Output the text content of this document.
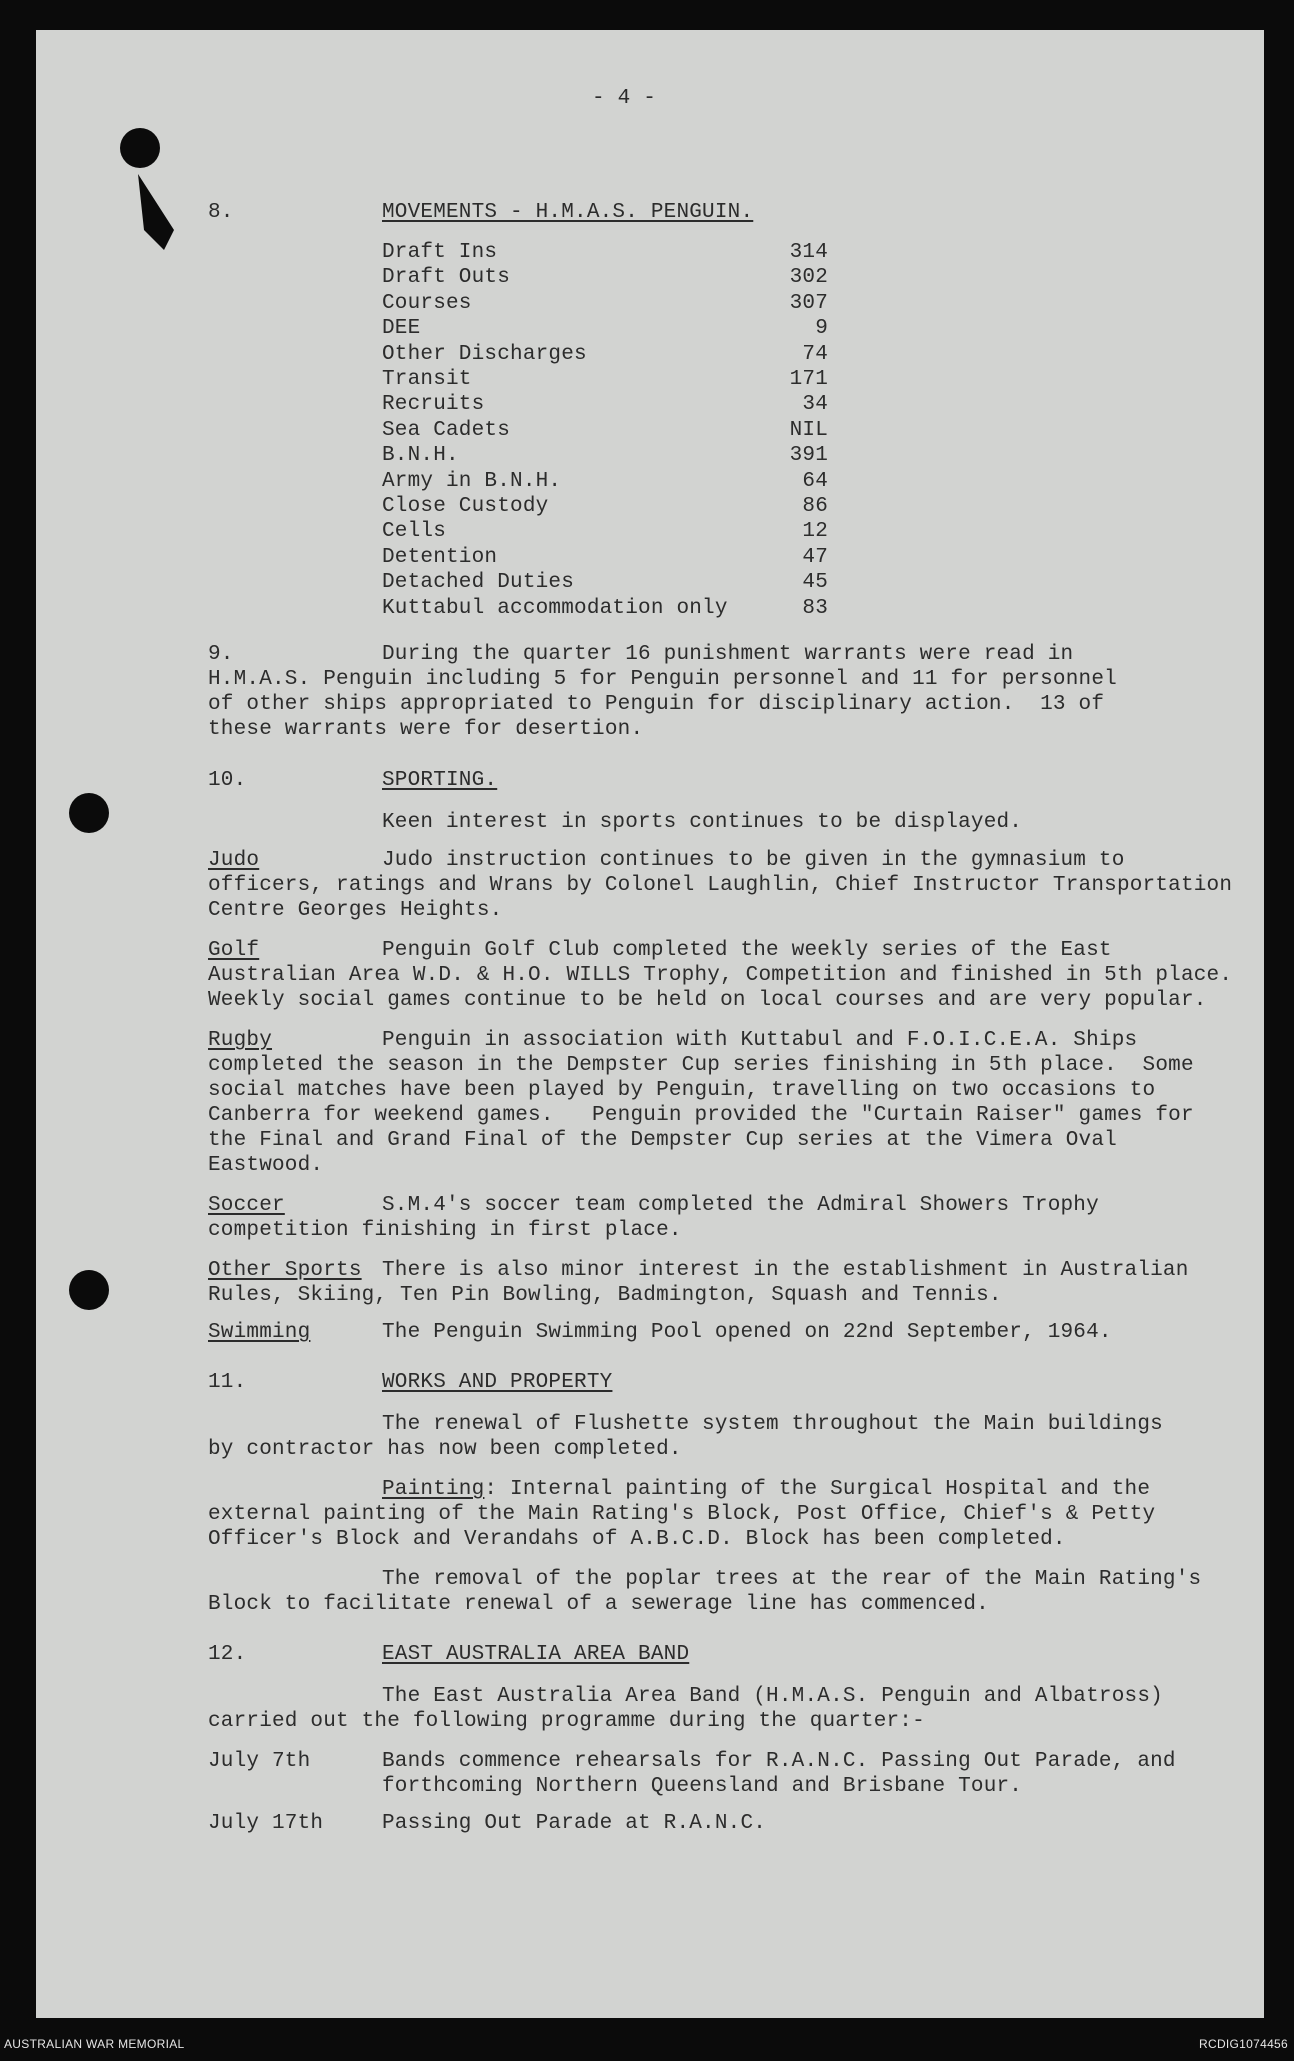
- 4 -
8.	MOVEMENTS - H.M.A.S. PENGUIN.
9.	During the quarter 16 punishment warrants were read in
H.M.A.S. Penguin including 5 for Penguin personnel and 11 for personnel
of other ships appropriated to Penguin for disciplinary action.  13 of
these warrants were for desertion.
10.	SPORTING.
Keen interest in sports continues to be displayed.
Judo	Judo instruction continues to be given in the gymnasium to
officers, ratings and Wrans by Colonel Laughlin, Chief Instructor Transportation
Centre Georges Heights.
Golf	Penguin Golf Club completed the weekly series of the East
Australian Area W.D. & H.O. WILLS Trophy, Competition and finished in 5th place.
Weekly social games continue to be held on local courses and are very popular.
Rugby	Penguin in association with Kuttabul and F.O.I.C.E.A. Ships
completed the season in the Dempster Cup series finishing in 5th place.  Some
social matches have been played by Penguin, travelling on two occasions to
Canberra for weekend games.   Penguin provided the "Curtain Raiser" games for
the Final and Grand Final of the Dempster Cup series at the Vimera Oval
Eastwood.
Soccer	S.M.4's soccer team completed the Admiral Showers Trophy
competition finishing in first place.
Other Sports There is also minor interest in the establishment in Australian
Rules, Skiing, Ten Pin Bowling, Badmington, Squash and Tennis.
Swimming	The Penguin Swimming Pool opened on 22nd September, 1964.
11.	WORKS AND PROPERTY
The renewal of Flushette system throughout the Main buildings
by contractor has now been completed.
Painting: Internal painting of the Surgical Hospital and the
external painting of the Main Rating's Block, Post Office, Chief's & Petty
Officer's Block and Verandahs of A.B.C.D. Block has been completed.
The removal of the poplar trees at the rear of the Main Rating's
Block to facilitate renewal of a sewerage line has commenced.
12.	EAST AUSTRALIA AREA BAND
The East Australia Area Band (H.M.A.S. Penguin and Albatross)
carried out the following programme during the quarter:-
July 7th	Bands commence rehearsals for R.A.N.C. Passing Out Parade, and
forthcoming Northern Queensland and Brisbane Tour.
July 17th	Passing Out Parade at R.A.N.C.
Draft Ins	314
Draft Outs	302
Courses	307
DEE	9
Other Discharges	74
Transit	171
Recruits	34
Sea Cadets	NIL
B.N.H.	391
Army in B.N.H.	64
Close Custody	86
Cells	12
Detention	47
Detached Duties	45
Kuttabul accommodation only	83
AUSTRALIAN WAR MEMORIAL	RCDIG1074456
